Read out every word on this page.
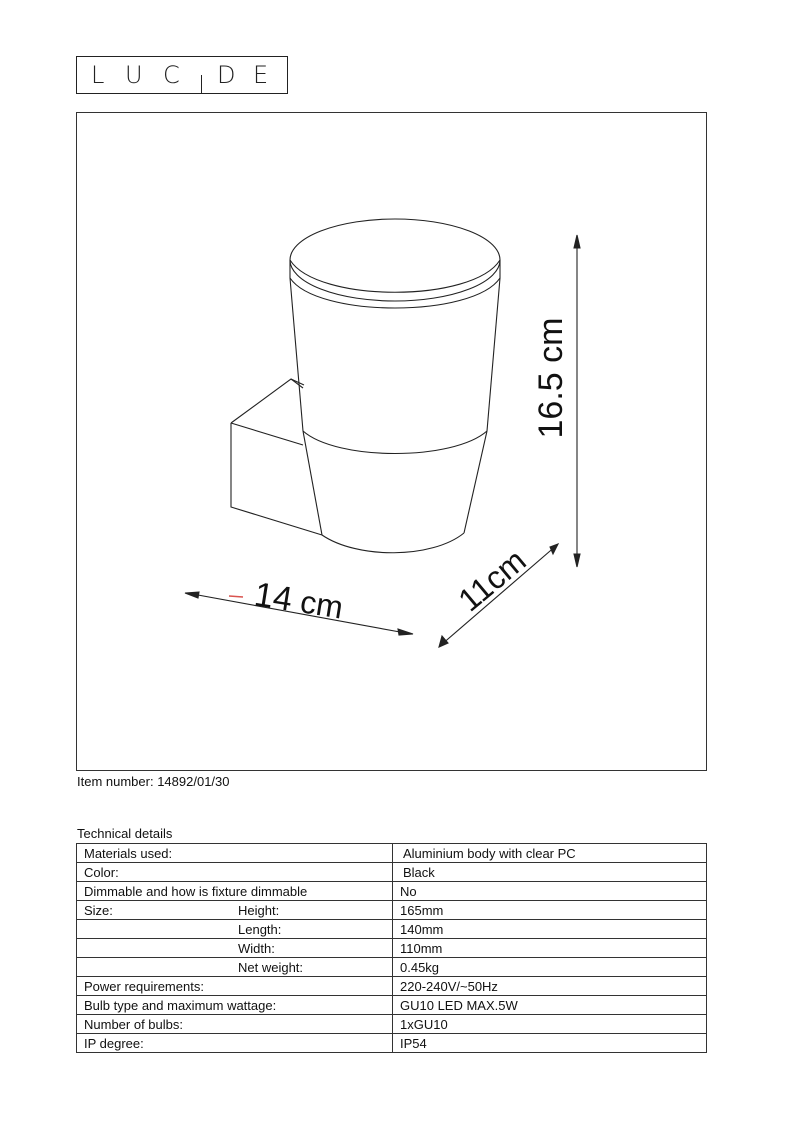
L U C D E
16.5 cm
14 cm	11cm
Item number: 14892/01/30
Technical details
Materials used:	Aluminium body with clear PC
Color:	Black
Dimmable and how is fixture dimmable	No
Size: Height:	165mm
Length:	140mm
Width:	110mm
Net weight:	0.45kg
Power requirements:	220-240V/~50Hz
Bulb type and maximum wattage:	GU10 LED MAX.5W
Number of bulbs:	1xGU10
IP degree:	IP54
